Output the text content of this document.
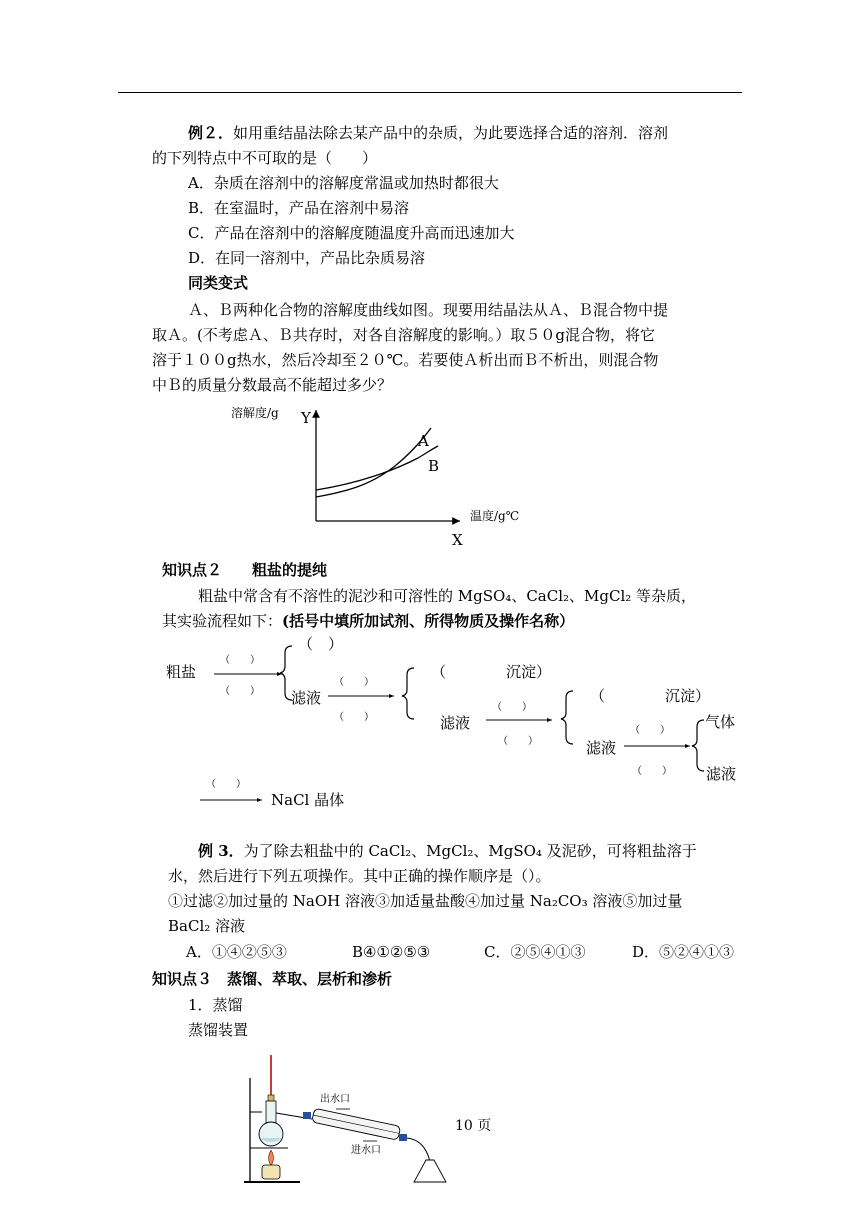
例２．如用重结晶法除去某产品中的杂质，为此要选择合适的溶剂．溶剂
的下列特点中不可取的是（　　）
A．杂质在溶剂中的溶解度常温或加热时都很大
B．在室温时，产品在溶剂中易溶
C．产品在溶剂中的溶解度随温度升高而迅速加大
D．在同一溶剂中，产品比杂质易溶
同类变式
Ａ、Ｂ两种化合物的溶解度曲线如图。现要用结晶法从Ａ、Ｂ混合物中提
取Ａ。(不考虑Ａ、Ｂ共存时，对各自溶解度的影响。）取５０g混合物，将它
溶于１００g热水，然后冷却至２０℃。若要使Ａ析出而Ｂ不析出，则混合物
中Ｂ的质量分数最高不能超过多少？
溶解度/g Y
A
B
温度/g℃
X
知识点２　　粗盐的提纯
粗盐中常含有不溶性的泥沙和可溶性的 MgSO₄、CaCl₂、MgCl₂ 等杂质，
其实验流程如下：(括号中填所加试剂、所得物质及操作名称）
粗盐
（　　）
（　　）
（　）
滤液
（　　）
（　　）
（　　　　沉淀）
滤液
（　　）
（　　）
（　　　　沉淀）
滤液
（　　）
（　　）
气体
滤液
（　　）
NaCl 晶体
例 3．为了除去粗盐中的 CaCl₂、MgCl₂、MgSO₄ 及泥砂，可将粗盐溶于
水，然后进行下列五项操作。其中正确的操作顺序是（）。
①过滤②加过量的 NaOH 溶液③加适量盐酸④加过量 Na₂CO₃ 溶液⑤加过量
BaCl₂ 溶液
A．①④②⑤③	B④①②⑤③	C．②⑤④①③	D．⑤②④①③
知识点３　蒸馏、萃取、层析和渗析
1．蒸馏
蒸馏装置
出水口
进水口
10 页
